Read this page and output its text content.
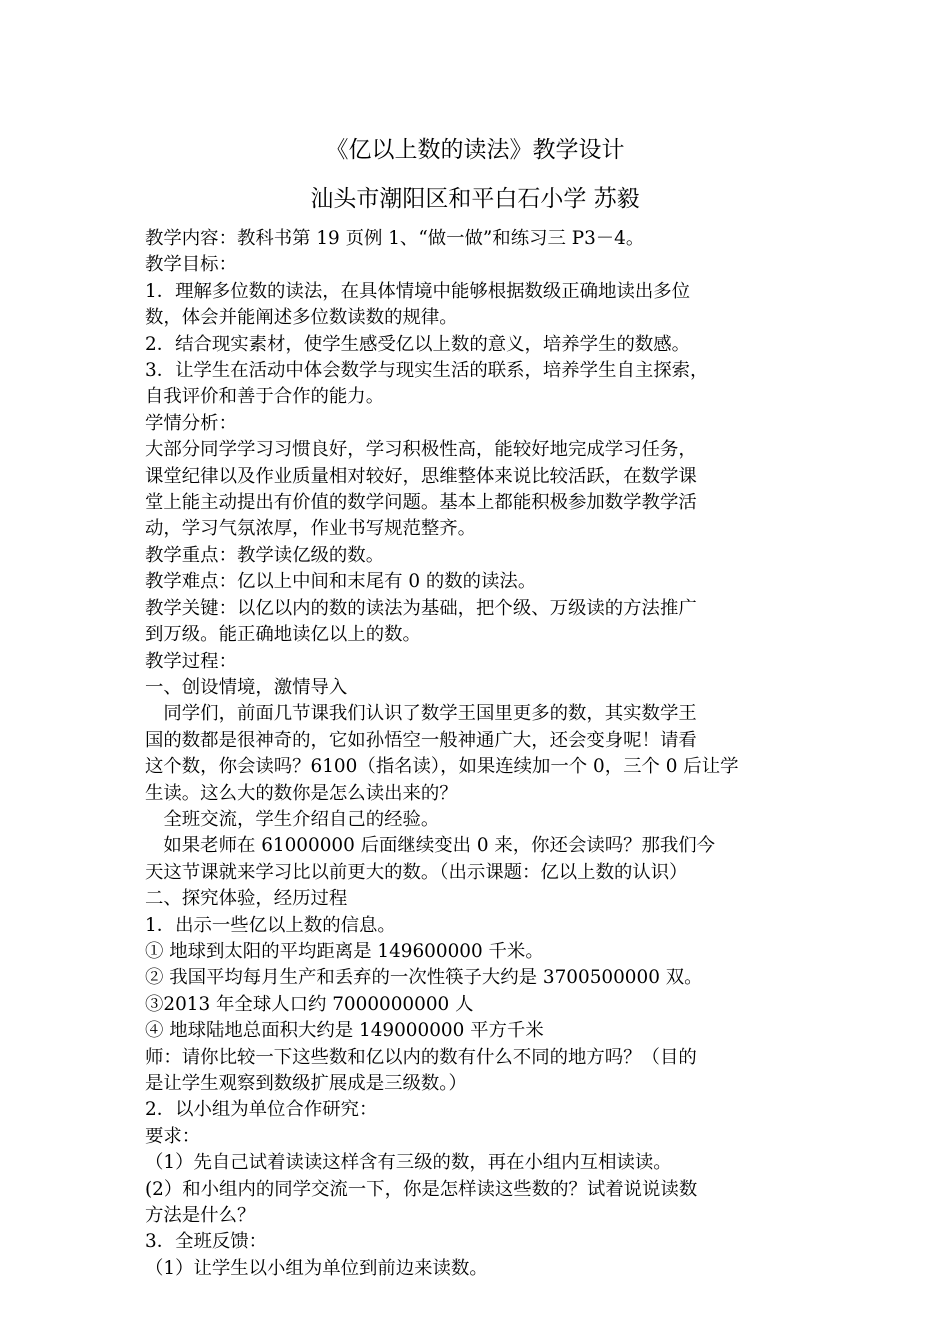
《亿以上数的读法》教学设计
汕头市潮阳区和平白石小学 苏毅

教学内容：教科书第 19 页例 1、“做一做”和练习三 P3－4。

教学目标：

1．理解多位数的读法，在具体情境中能够根据数级正确地读出多位

数，体会并能阐述多位数读数的规律。

2．结合现实素材，使学生感受亿以上数的意义，培养学生的数感。

3．让学生在活动中体会数学与现实生活的联系，培养学生自主探索，

自我评价和善于合作的能力。

学情分析：

大部分同学学习习惯良好，学习积极性高，能较好地完成学习任务，

课堂纪律以及作业质量相对较好，思维整体来说比较活跃，在数学课

堂上能主动提出有价值的数学问题。基本上都能积极参加数学教学活

动，学习气氛浓厚，作业书写规范整齐。

教学重点：教学读亿级的数。

教学难点：亿以上中间和末尾有 0 的数的读法。

教学关键：以亿以内的数的读法为基础，把个级、万级读的方法推广

到万级。能正确地读亿以上的数。

教学过程：

一、创设情境，激情导入

　同学们，前面几节课我们认识了数学王国里更多的数，其实数学王

国的数都是很神奇的，它如孙悟空一般神通广大，还会变身呢！请看

这个数，你会读吗？6100（指名读），如果连续加一个 0，三个 0 后让学

生读。这么大的数你是怎么读出来的？

　全班交流，学生介绍自己的经验。

　如果老师在 61000000 后面继续变出 0 来，你还会读吗？那我们今

天这节课就来学习比以前更大的数。（出示课题：亿以上数的认识）

二、探究体验，经历过程

1．出示一些亿以上数的信息。

① 地球到太阳的平均距离是 149600000 千米。

② 我国平均每月生产和丢弃的一次性筷子大约是 3700500000 双。

③2013 年全球人口约 7000000000 人

④ 地球陆地总面积大约是 149000000 平方千米

师：请你比较一下这些数和亿以内的数有什么不同的地方吗？（目的

是让学生观察到数级扩展成是三级数。）

2．以小组为单位合作研究：

要求：

（1）先自己试着读读这样含有三级的数，再在小组内互相读读。

(2）和小组内的同学交流一下，你是怎样读这些数的？试着说说读数

方法是什么？

3．全班反馈：

（1）让学生以小组为单位到前边来读数。
